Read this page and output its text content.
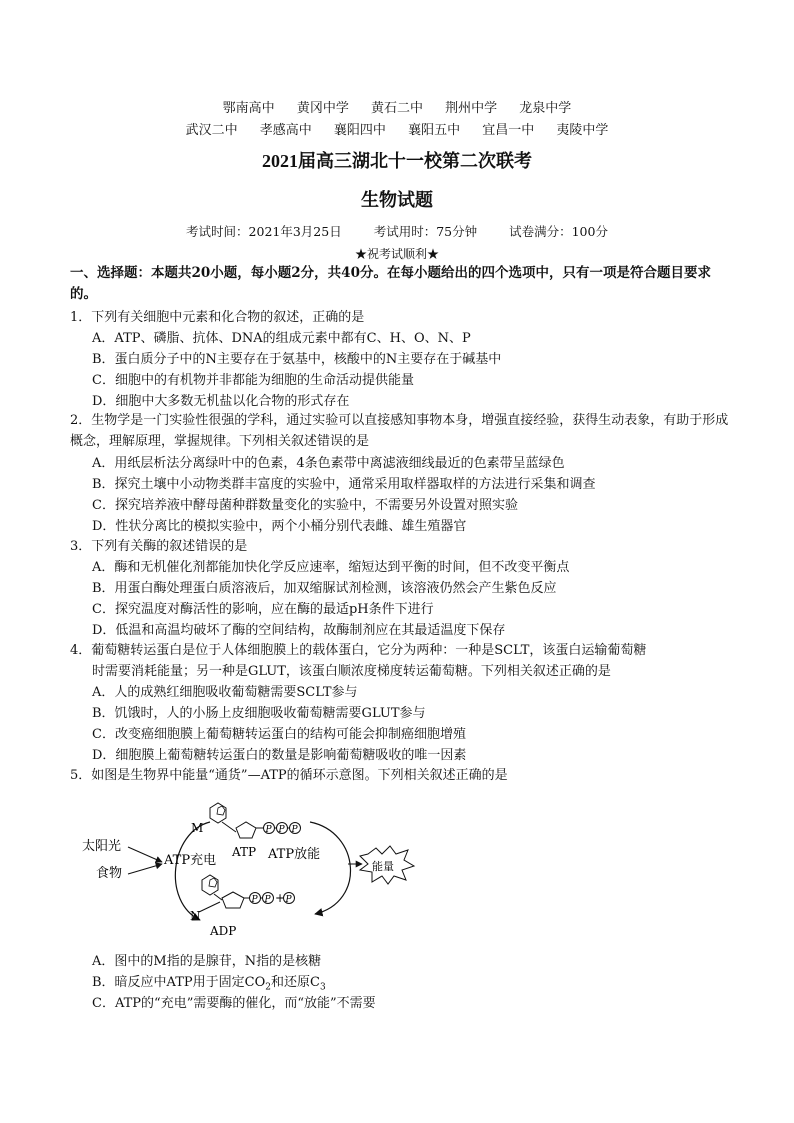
鄂南高中 黄冈中学 黄石二中 荆州中学 龙泉中学
武汉二中 孝感高中 襄阳四中 襄阳五中 宜昌一中 夷陵中学
2021届高三湖北十一校第二次联考
生物试题
考试时间：2021年3月25日	考试用时：75分钟	试卷满分：100分
★祝考试顺利★
一、选择题：本题共20小题，每小题2分，共40分。在每小题给出的四个选项中，只有一项是符合题目要求的。
1．下列有关细胞中元素和化合物的叙述，正确的是
A．ATP、磷脂、抗体、DNA的组成元素中都有C、H、O、N、P
B．蛋白质分子中的N主要存在于氨基中，核酸中的N主要存在于碱基中
C．细胞中的有机物并非都能为细胞的生命活动提供能量
D．细胞中大多数无机盐以化合物的形式存在
2．生物学是一门实验性很强的学科，通过实验可以直接感知事物本身，增强直接经验，获得生动表象，有助于形成概念，理解原理，掌握规律。下列相关叙述错误的是
A．用纸层析法分离绿叶中的色素，4条色素带中离滤液细线最近的色素带呈蓝绿色
B．探究土壤中小动物类群丰富度的实验中，通常采用取样器取样的方法进行采集和调查
C．探究培养液中酵母菌种群数量变化的实验中，不需要另外设置对照实验
D．性状分离比的模拟实验中，两个小桶分别代表雌、雄生殖器官
3．下列有关酶的叙述错误的是
A．酶和无机催化剂都能加快化学反应速率，缩短达到平衡的时间，但不改变平衡点
B．用蛋白酶处理蛋白质溶液后，加双缩脲试剂检测，该溶液仍然会产生紫色反应
C．探究温度对酶活性的影响，应在酶的最适pH条件下进行
D．低温和高温均破坏了酶的空间结构，故酶制剂应在其最适温度下保存
4．葡萄糖转运蛋白是位于人体细胞膜上的载体蛋白，它分为两种：一种是SCLT，该蛋白运输葡萄糖
时需要消耗能量；另一种是GLUT，该蛋白顺浓度梯度转运葡萄糖。下列相关叙述正确的是
A．人的成熟红细胞吸收葡萄糖需要SCLT参与
B．饥饿时，人的小肠上皮细胞吸收葡萄糖需要GLUT参与
C．改变癌细胞膜上葡萄糖转运蛋白的结构可能会抑制癌细胞增殖
D．细胞膜上葡萄糖转运蛋白的数量是影响葡萄糖吸收的唯一因素
5．如图是生物界中能量“通货”—ATP的循环示意图。下列相关叙述正确的是
太阳光
食物
ATP充电	ATP放能
M	P P P
ATP
能量
N
P P + P
ADP
A．图中的M指的是腺苷，N指的是核糖
B．暗反应中ATP用于固定$CO_2$和还原$C_3$
C．ATP的“充电”需要酶的催化，而“放能”不需要
